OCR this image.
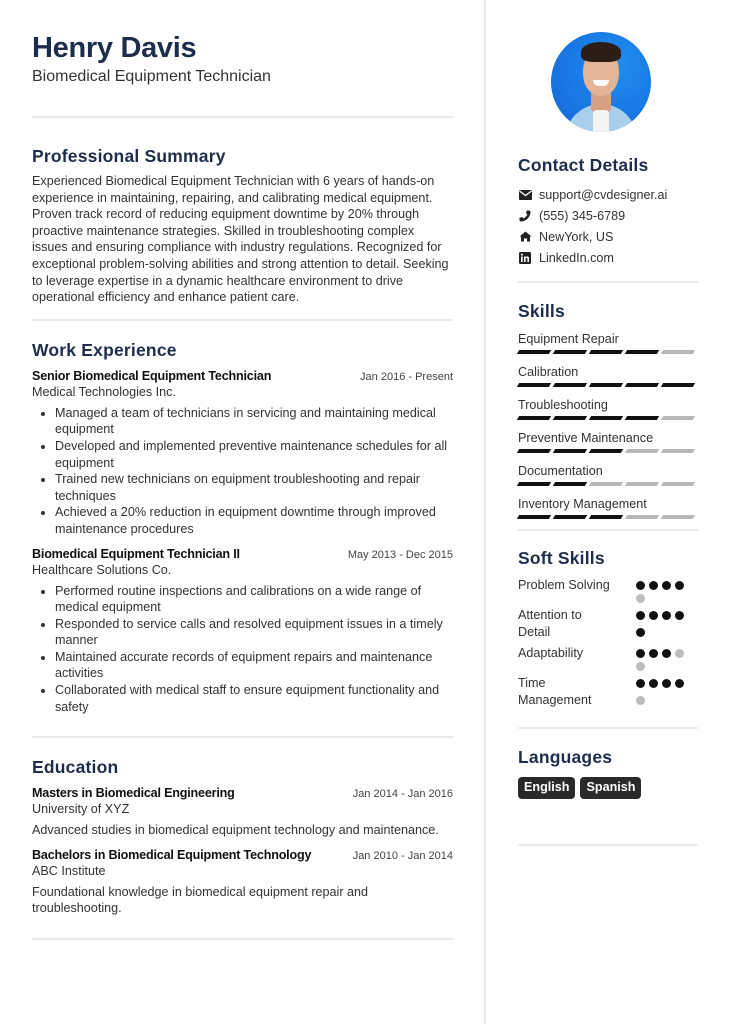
Henry Davis
Biomedical Equipment Technician
Professional Summary
Experienced Biomedical Equipment Technician with 6 years of hands-on experience in maintaining, repairing, and calibrating medical equipment. Proven track record of reducing equipment downtime by 20% through proactive maintenance strategies. Skilled in troubleshooting complex issues and ensuring compliance with industry regulations. Recognized for exceptional problem-solving abilities and strong attention to detail. Seeking to leverage expertise in a dynamic healthcare environment to drive operational efficiency and enhance patient care.
Work Experience
Senior Biomedical Equipment Technician	Jan 2016 - Present
Medical Technologies Inc.
Managed a team of technicians in servicing and maintaining medical equipment
Developed and implemented preventive maintenance schedules for all equipment
Trained new technicians on equipment troubleshooting and repair techniques
Achieved a 20% reduction in equipment downtime through improved maintenance procedures
Biomedical Equipment Technician II	May 2013 - Dec 2015
Healthcare Solutions Co.
Performed routine inspections and calibrations on a wide range of medical equipment
Responded to service calls and resolved equipment issues in a timely manner
Maintained accurate records of equipment repairs and maintenance activities
Collaborated with medical staff to ensure equipment functionality and safety
Education
Masters in Biomedical Engineering	Jan 2014 - Jan 2016
University of XYZ
Advanced studies in biomedical equipment technology and maintenance.
Bachelors in Biomedical Equipment Technology	Jan 2010 - Jan 2014
ABC Institute
Foundational knowledge in biomedical equipment repair and troubleshooting.
Contact Details
support@cvdesigner.ai
(555) 345-6789
NewYork, US
LinkedIn.com
Skills
Equipment Repair
Calibration
Troubleshooting
Preventive Maintenance
Documentation
Inventory Management
Soft Skills
Problem Solving
Attention to Detail
Adaptability
Time Management
Languages
English	Spanish
